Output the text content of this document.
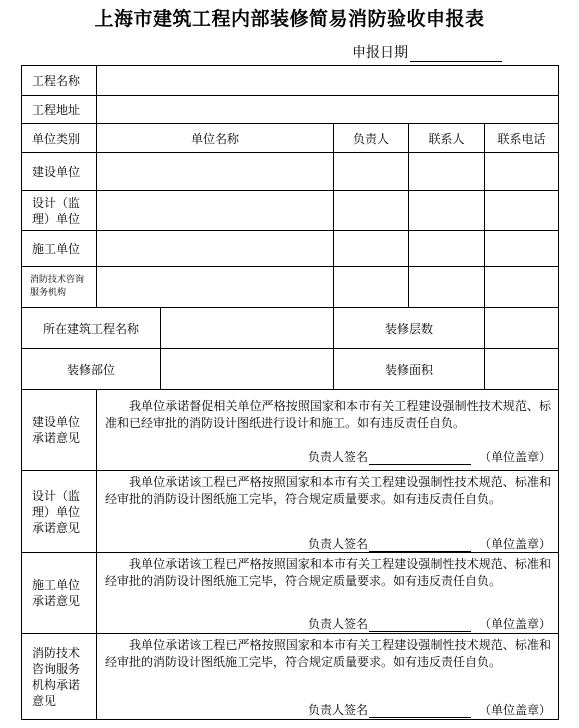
上海市建筑工程内部装修简易消防验收申报表
申报日期
工程名称
工程地址
单位类别	单位名称	负责人	联系人	联系电话
建设单位
设计（监理）单位
施工单位
消防技术咨询服务机构
所在建筑工程名称	装修层数
装修部位	装修面积
建设单位承诺意见
我单位承诺督促相关单位严格按照国家和本市有关工程建设强制性技术规范、标准和已经审批的消防设计图纸进行设计和施工。如有违反责任自负。
负责人签名	（单位盖章）
设计（监理）单位承诺意见
我单位承诺该工程已严格按照国家和本市有关工程建设强制性技术规范、标准和经审批的消防设计图纸施工完毕，符合规定质量要求。如有违反责任自负。
负责人签名	（单位盖章）
施工单位承诺意见
我单位承诺该工程已严格按照国家和本市有关工程建设强制性技术规范、标准和经审批的消防设计图纸施工完毕，符合规定质量要求。如有违反责任自负。
负责人签名	（单位盖章）
消防技术咨询服务机构承诺意见
我单位承诺该工程已严格按照国家和本市有关工程建设强制性技术规范、标准和经审批的消防设计图纸施工完毕，符合规定质量要求。如有违反责任自负。
负责人签名	（单位盖章）
